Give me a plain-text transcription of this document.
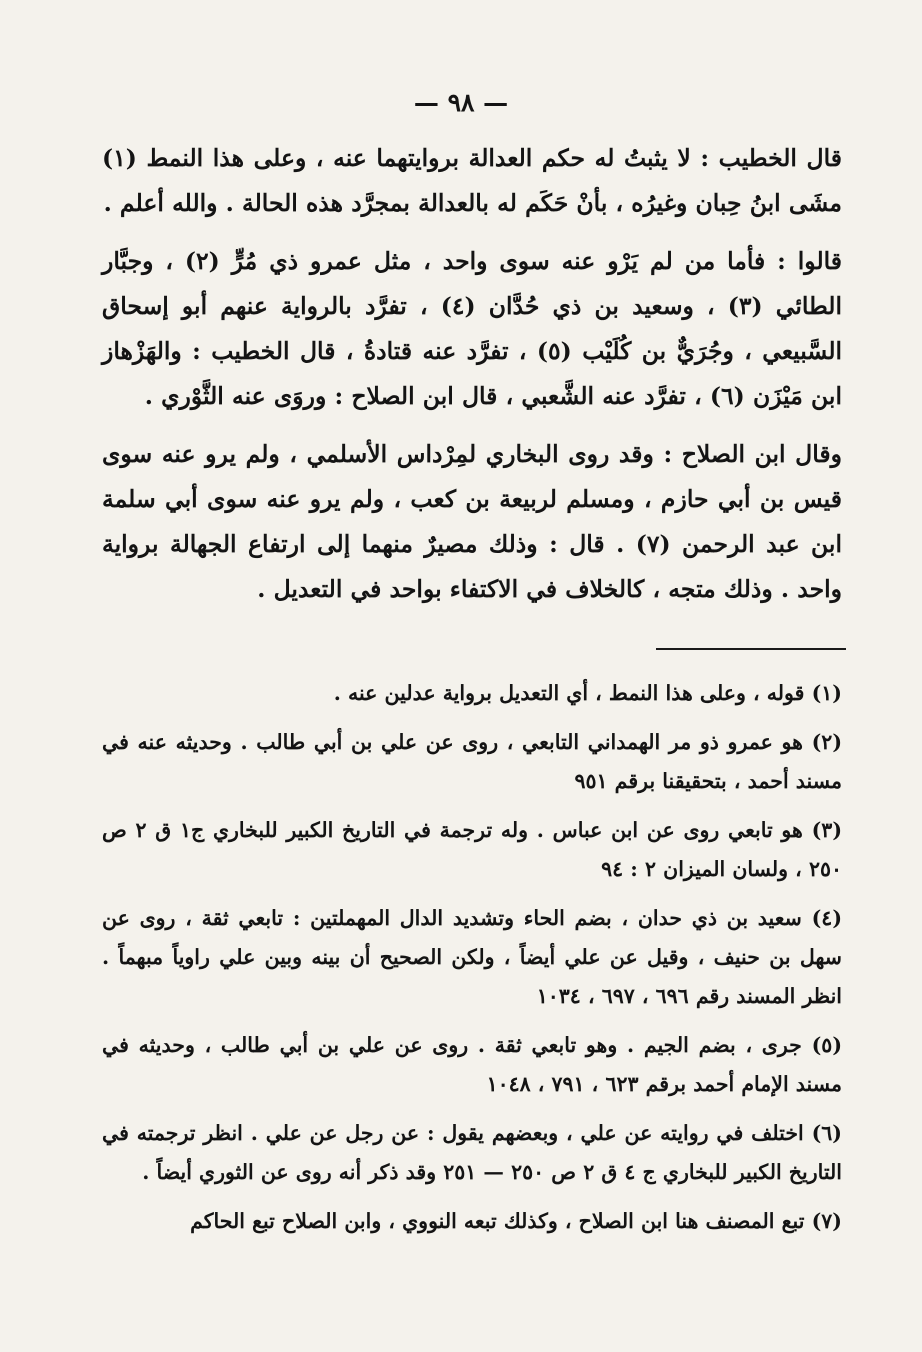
— ٩٨ —

قال الخطيب : لا يثبتُ له حكم العدالة بروايتهما عنه ، وعلى هذا النمط (١) مشَى ابنُ حِبان وغيرُه ، بأنْ حَكَم له بالعدالة بمجرَّد هذه الحالة . والله أعلم .

قالوا : فأما من لم يَرْو عنه سوى واحد ، مثل عمرو ذي مُرٍّ (٢) ، وجبَّار الطائي (٣) ، وسعيد بن ذي حُدَّان (٤) ، تفرَّد بالرواية عنهم أبو إسحاق السَّبيعي ، وجُرَيٌّ بن كُلَيْب (٥) ، تفرَّد عنه قتادةُ ، قال الخطيب : والهَزْهاز ابن مَيْزَن (٦) ، تفرَّد عنه الشَّعبي ، قال ابن الصلاح : وروَى عنه الثَّوْري .

وقال ابن الصلاح : وقد روى البخاري لمِرْداس الأسلمي ، ولم يرو عنه سوى قيس بن أبي حازم ، ومسلم لربيعة بن كعب ، ولم يرو عنه سوى أبي سلمة ابن عبد الرحمن (٧) . قال : وذلك مصيرٌ منهما إلى ارتفاع الجهالة برواية واحد . وذلك متجه ، كالخلاف في الاكتفاء بواحد في التعديل .

(١) قوله ، وعلى هذا النمط ، أي التعديل برواية عدلين عنه .

(٢) هو عمرو ذو مر الهمداني التابعي ، روى عن علي بن أبي طالب . وحديثه عنه في مسند أحمد ، بتحقيقنا برقم ٩٥١

(٣) هو تابعي روى عن ابن عباس . وله ترجمة في التاريخ الكبير للبخاري ج١ ق ٢ ص ٢٥٠ ، ولسان الميزان ٢ : ٩٤

(٤) سعيد بن ذي حدان ، بضم الحاء وتشديد الدال المهملتين : تابعي ثقة ، روى عن سهل بن حنيف ، وقيل عن علي أيضاً ، ولكن الصحيح أن بينه وبين علي راوياً مبهماً . انظر المسند رقم ٦٩٦ ، ٦٩٧ ، ١٠٣٤

(٥) جرى ، بضم الجيم . وهو تابعي ثقة . روى عن علي بن أبي طالب ، وحديثه في مسند الإمام أحمد برقم ٦٢٣ ، ٧٩١ ، ١٠٤٨

(٦) اختلف في روايته عن علي ، وبعضهم يقول : عن رجل عن علي . انظر ترجمته في التاريخ الكبير للبخاري ج ٤ ق ٢ ص ٢٥٠ — ٢٥١ وقد ذكر أنه روى عن الثوري أيضاً .

(٧) تبع المصنف هنا ابن الصلاح ، وكذلك تبعه النووي ، وابن الصلاح تبع الحاكم
